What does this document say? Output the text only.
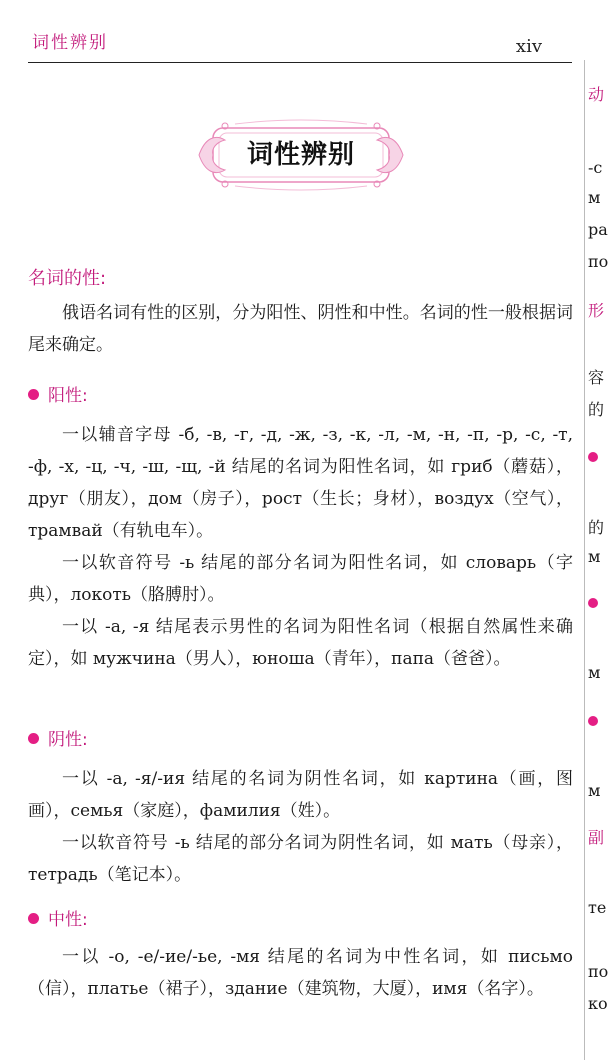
词性辨别	xiv
词性辨别
名词的性:

俄语名词有性的区别，分为阳性、阴性和中性。名词的性一般根据词尾来确定。

阳性:

一以辅音字母 -б, -в, -г, -д, -ж, -з, -к, -л, -м, -н, -п, -р, -с, -т, -ф, -х, -ц, -ч, -ш, -щ, -й 结尾的名词为阳性名词，如 гриб（蘑菇），друг（朋友），дом（房子），рост（生长；身材），воздух（空气），трамвай（有轨电车）。

一以软音符号 -ь 结尾的部分名词为阳性名词，如 словарь（字典），локоть（胳膊肘）。

一以 -а, -я 结尾表示男性的名词为阳性名词（根据自然属性来确定），如 мужчина（男人），юноша（青年），папа（爸爸）。

阴性:

一以 -а, -я/-ия 结尾的名词为阴性名词，如 картина（画，图画），семья（家庭），фамилия（姓）。

一以软音符号 -ь 结尾的部分名词为阴性名词，如 мать（母亲），тетрадь（笔记本）。

中性:

一以 -о, -е/-ие/-ье, -мя 结尾的名词为中性名词，如 письмо（信），платье（裙子），здание（建筑物，大厦），имя（名字）。

动
-с
м
ра
по
形
容
的
的
м
м
м
副
те
по
ко
